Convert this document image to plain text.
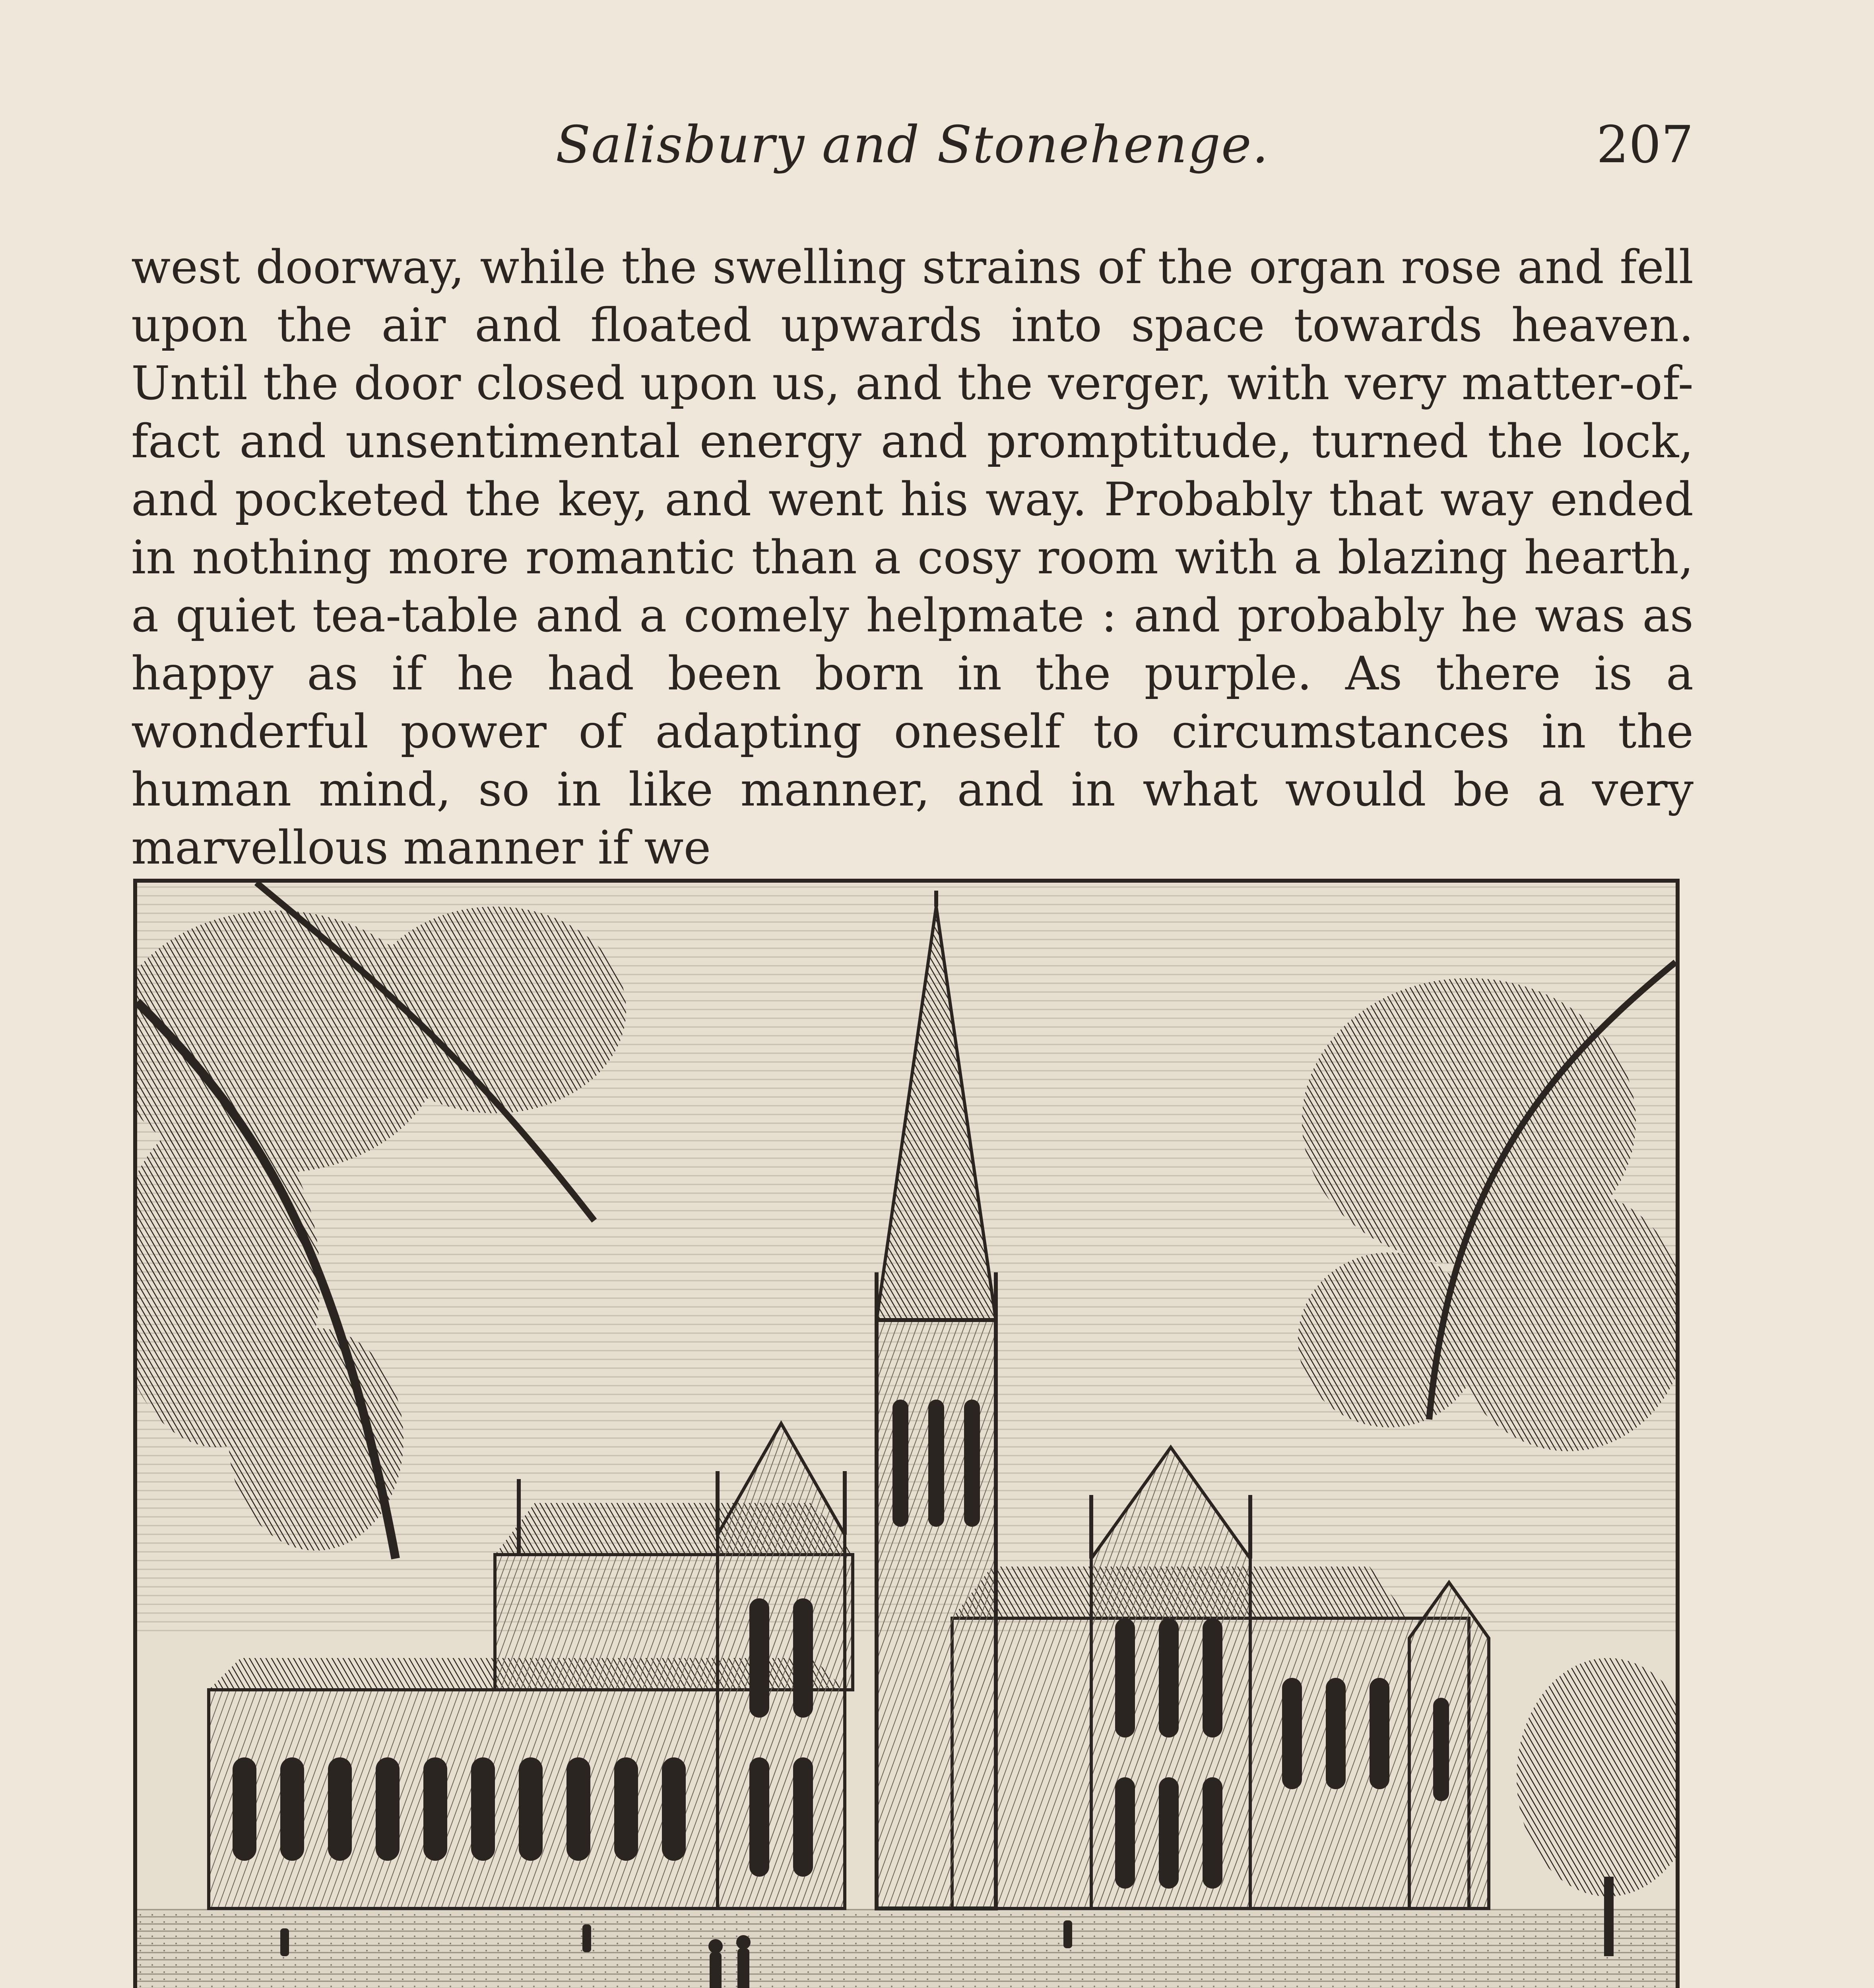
Salisbury and Stonehenge.	207

west doorway, while the swelling strains of the organ rose and fell upon the air and floated upwards into space towards heaven. Until the door closed upon us, and the verger, with very matter-of-fact and unsentimental energy and promptitude, turned the lock, and pocketed the key, and went his way. Probably that way ended in nothing more romantic than a cosy room with a blazing hearth, a quiet tea-table and a comely helpmate : and probably he was as happy as if he had been born in the purple. As there is a wonderful power of adapting oneself to circumstances in the human mind, so in like manner, and in what would be a very marvellous manner if we
